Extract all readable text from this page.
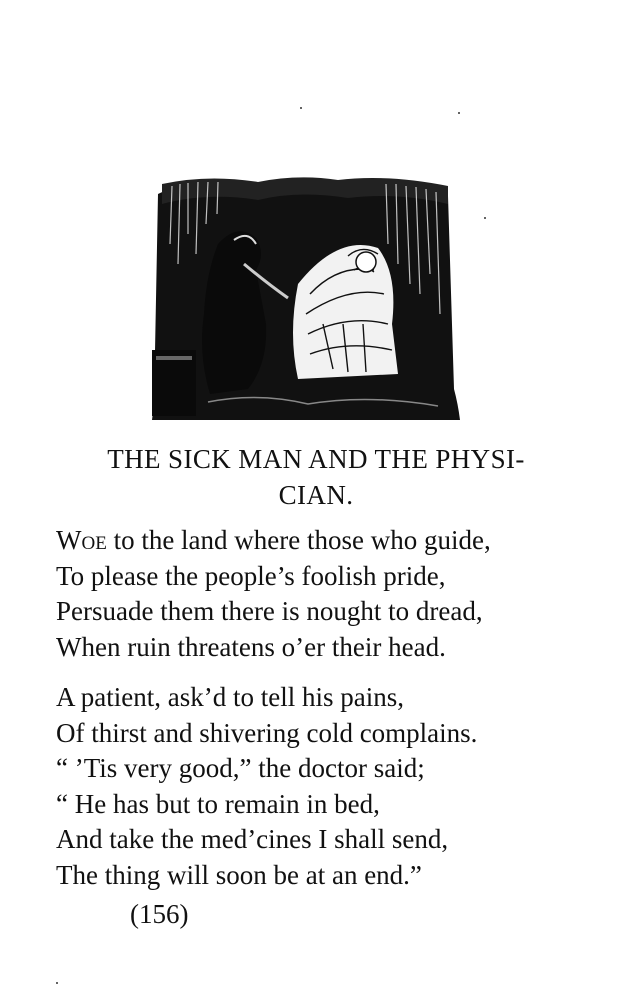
THE SICK MAN AND THE PHYSI-
CIAN.
Woe to the land where those who guide,
To please the people’s foolish pride,
Persuade them there is nought to dread,
When ruin threatens o’er their head.
A patient, ask’d to tell his pains,
Of thirst and shivering cold complains.
“ ’Tis very good,” the doctor said;
“ He has but to remain in bed,
And take the med’cines I shall send,
The thing will soon be at an end.”
(156)
